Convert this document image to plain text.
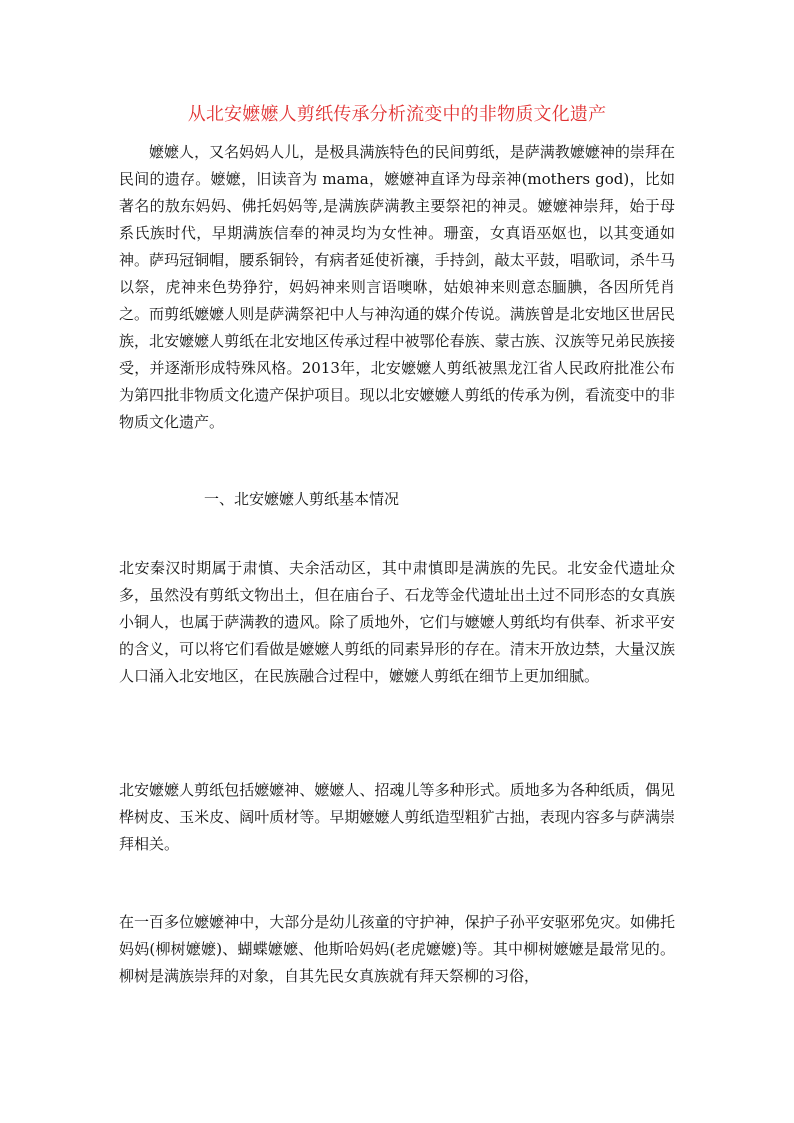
从北安嬷嬷人剪纸传承分析流变中的非物质文化遗产

嬷嬷人，又名妈妈人儿，是极具满族特色的民间剪纸，是萨满教嬷嬷神的崇拜在民间的遗存。嬷嬷，旧读音为 mama，嬷嬷神直译为母亲神(mothers god)，比如著名的敖东妈妈、佛托妈妈等,是满族萨满教主要祭祀的神灵。嬷嬷神崇拜，始于母系氏族时代，早期满族信奉的神灵均为女性神。珊蛮，女真语巫妪也，以其变通如神。萨玛冠铜帽，腰系铜铃，有病者延使祈禳，手持剑，敲太平鼓，唱歌词，杀牛马以祭，虎神来色势狰狞，妈妈神来则言语噢咻，姑娘神来则意态腼腆，各因所凭肖之。而剪纸嬷嬷人则是萨满祭祀中人与神沟通的媒介传说。满族曾是北安地区世居民族，北安嬷嬷人剪纸在北安地区传承过程中被鄂伦春族、蒙古族、汉族等兄弟民族接受，并逐渐形成特殊风格。2013年，北安嬷嬷人剪纸被黑龙江省人民政府批准公布为第四批非物质文化遗产保护项目。现以北安嬷嬷人剪纸的传承为例，看流变中的非物质文化遗产。

一、北安嬷嬷人剪纸基本情况

北安秦汉时期属于肃慎、夫余活动区，其中肃慎即是满族的先民。北安金代遗址众多，虽然没有剪纸文物出土，但在庙台子、石龙等金代遗址出土过不同形态的女真族小铜人，也属于萨满教的遗风。除了质地外，它们与嬷嬷人剪纸均有供奉、祈求平安的含义，可以将它们看做是嬷嬷人剪纸的同素异形的存在。清末开放边禁，大量汉族人口涌入北安地区，在民族融合过程中，嬷嬷人剪纸在细节上更加细腻。

北安嬷嬷人剪纸包括嬷嬷神、嬷嬷人、招魂儿等多种形式。质地多为各种纸质，偶见桦树皮、玉米皮、阔叶质材等。早期嬷嬷人剪纸造型粗犷古拙，表现内容多与萨满崇拜相关。

在一百多位嬷嬷神中，大部分是幼儿孩童的守护神，保护子孙平安驱邪免灾。如佛托妈妈(柳树嬷嬷)、蝴蝶嬷嬷、他斯哈妈妈(老虎嬷嬷)等。其中柳树嬷嬷是最常见的。柳树是满族崇拜的对象，自其先民女真族就有拜天祭柳的习俗，
